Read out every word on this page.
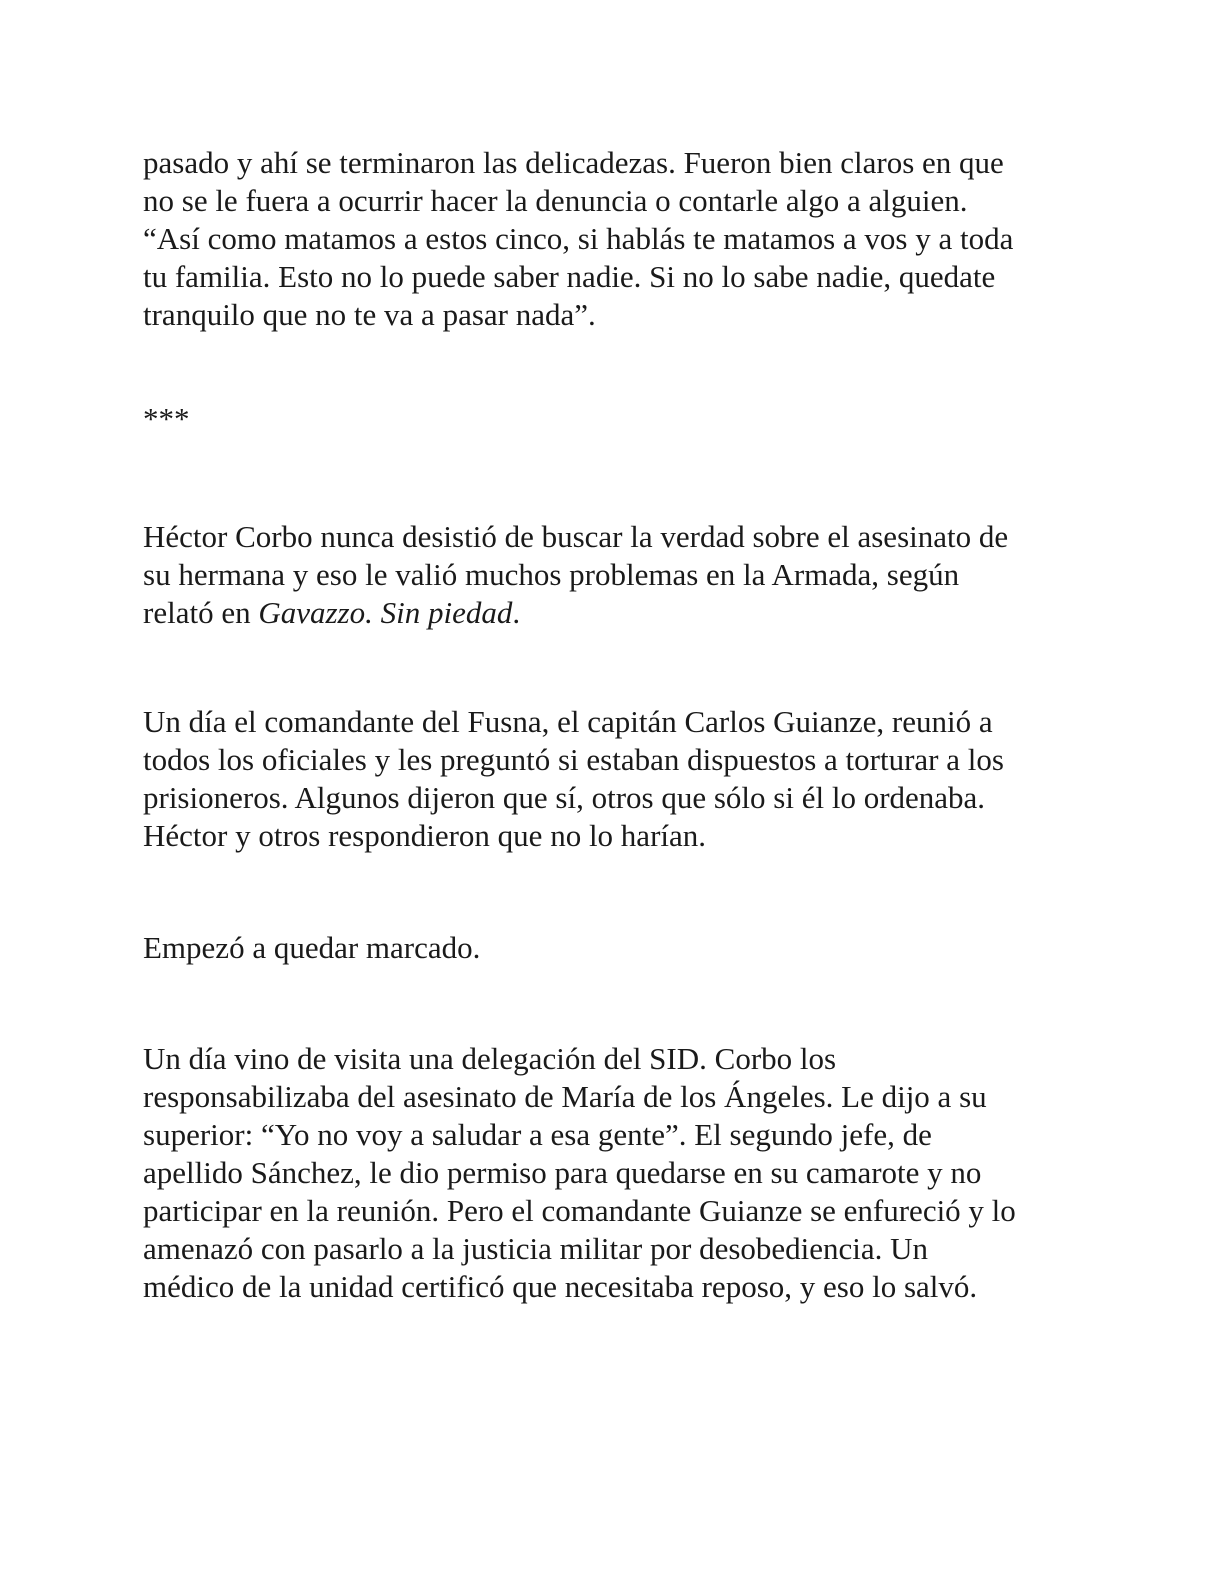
pasado y ahí se terminaron las delicadezas. Fueron bien claros en que
no se le fuera a ocurrir hacer la denuncia o contarle algo a alguien.
“Así como matamos a estos cinco, si hablás te matamos a vos y a toda
tu familia. Esto no lo puede saber nadie. Si no lo sabe nadie, quedate
tranquilo que no te va a pasar nada”.

***

Héctor Corbo nunca desistió de buscar la verdad sobre el asesinato de
su hermana y eso le valió muchos problemas en la Armada, según
relató en Gavazzo. Sin piedad.

Un día el comandante del Fusna, el capitán Carlos Guianze, reunió a
todos los oficiales y les preguntó si estaban dispuestos a torturar a los
prisioneros. Algunos dijeron que sí, otros que sólo si él lo ordenaba.
Héctor y otros respondieron que no lo harían.

Empezó a quedar marcado.

Un día vino de visita una delegación del SID. Corbo los
responsabilizaba del asesinato de María de los Ángeles. Le dijo a su
superior: “Yo no voy a saludar a esa gente”. El segundo jefe, de
apellido Sánchez, le dio permiso para quedarse en su camarote y no
participar en la reunión. Pero el comandante Guianze se enfureció y lo
amenazó con pasarlo a la justicia militar por desobediencia. Un
médico de la unidad certificó que necesitaba reposo, y eso lo salvó.
